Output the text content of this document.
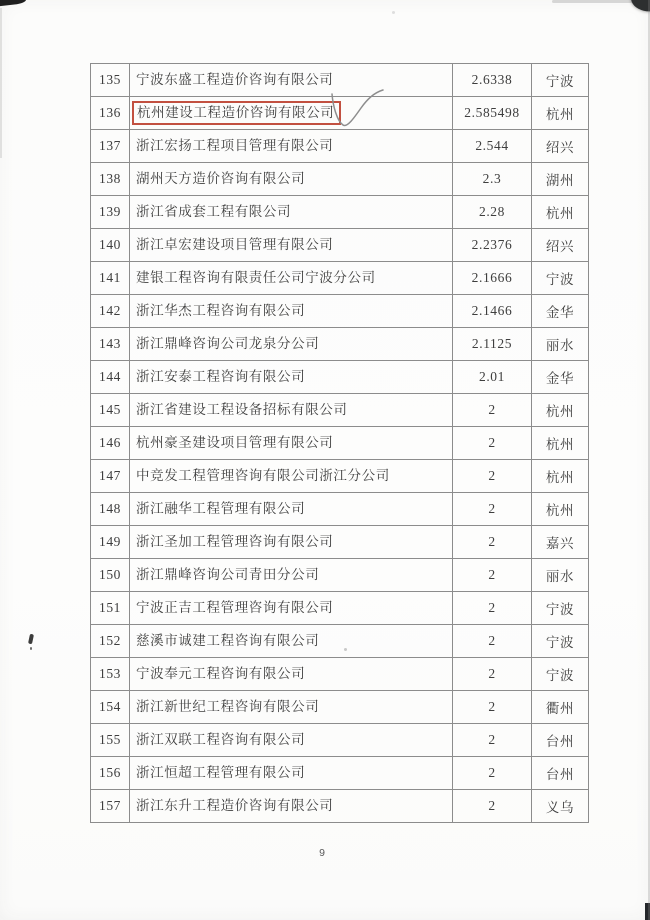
135	宁波东盛工程造价咨询有限公司	2.6338	宁波
136	杭州建设工程造价咨询有限公司	2.585498	杭州
137	浙江宏扬工程项目管理有限公司	2.544	绍兴
138	湖州天方造价咨询有限公司	2.3	湖州
139	浙江省成套工程有限公司	2.28	杭州
140	浙江卓宏建设项目管理有限公司	2.2376	绍兴
141	建银工程咨询有限责任公司宁波分公司	2.1666	宁波
142	浙江华杰工程咨询有限公司	2.1466	金华
143	浙江鼎峰咨询公司龙泉分公司	2.1125	丽水
144	浙江安泰工程咨询有限公司	2.01	金华
145	浙江省建设工程设备招标有限公司	2	杭州
146	杭州豪圣建设项目管理有限公司	2	杭州
147	中竞发工程管理咨询有限公司浙江分公司	2	杭州
148	浙江融华工程管理有限公司	2	杭州
149	浙江圣加工程管理咨询有限公司	2	嘉兴
150	浙江鼎峰咨询公司青田分公司	2	丽水
151	宁波正吉工程管理咨询有限公司	2	宁波
152	慈溪市诚建工程咨询有限公司	2	宁波
153	宁波奉元工程咨询有限公司	2	宁波
154	浙江新世纪工程咨询有限公司	2	衢州
155	浙江双联工程咨询有限公司	2	台州
156	浙江恒超工程管理有限公司	2	台州
157	浙江东升工程造价咨询有限公司	2	义乌
9
